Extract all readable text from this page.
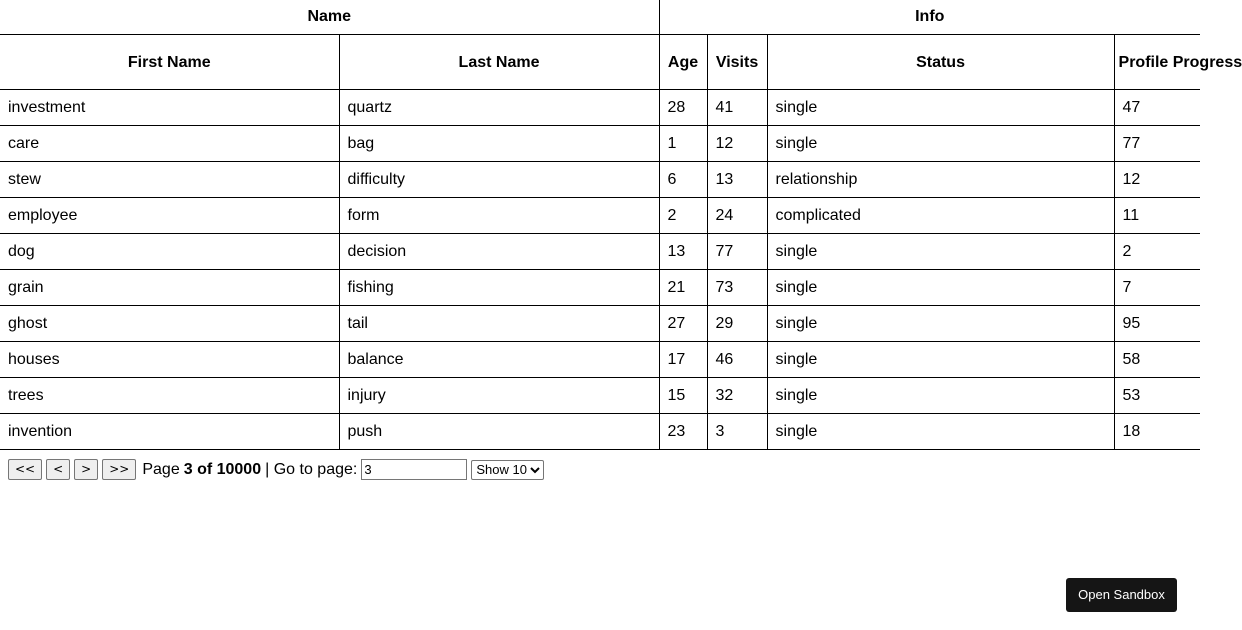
Name		Info			
First Name	Last Name	Age	Visits	Status	Profile Progress
investment	quartz	28	41	single	47
care	bag	1	12	single	77
stew	difficulty	6	13	relationship	12
employee	form	2	24	complicated	11
dog	decision	13	77	single	2
grain	fishing	21	73	single	7
ghost	tail	27	29	single	95
houses	balance	17	46	single	58
trees	injury	15	32	single	53
invention	push	23	3	single	18
<<	<	>	>> Page 3 of 10000 | Go to page:
3
Show 10
Open Sandbox
